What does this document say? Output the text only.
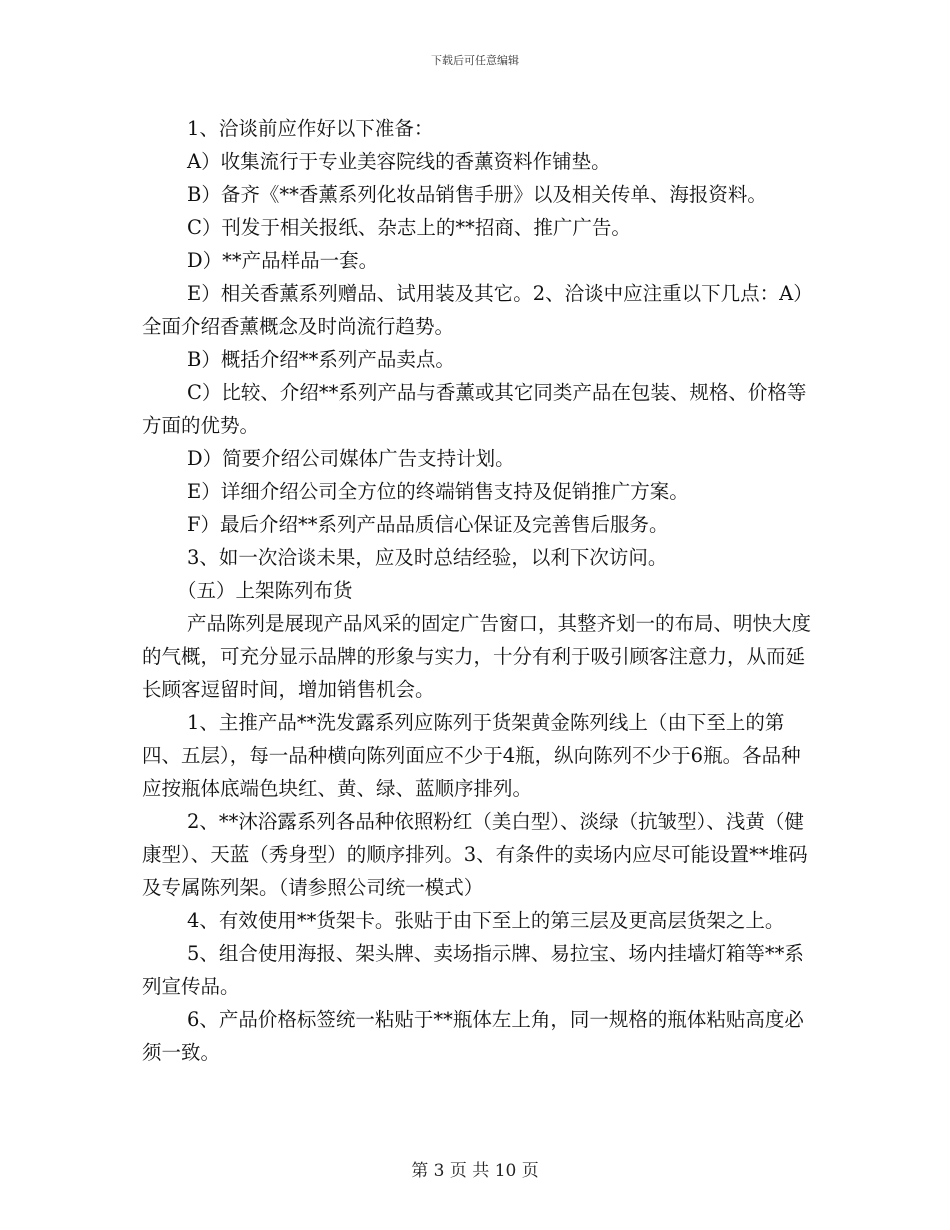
下载后可任意编辑

1、洽谈前应作好以下准备：

A）收集流行于专业美容院线的香薰资料作铺垫。

B）备齐《**香薰系列化妆品销售手册》以及相关传单、海报资料。

C）刊发于相关报纸、杂志上的**招商、推广广告。

D）**产品样品一套。

E）相关香薰系列赠品、试用装及其它。2、洽谈中应注重以下几点：A）全面介绍香薰概念及时尚流行趋势。

B）概括介绍**系列产品卖点。

C）比较、介绍**系列产品与香薰或其它同类产品在包装、规格、价格等方面的优势。

D）简要介绍公司媒体广告支持计划。

E）详细介绍公司全方位的终端销售支持及促销推广方案。

F）最后介绍**系列产品品质信心保证及完善售后服务。

3、如一次洽谈未果，应及时总结经验，以利下次访问。

（五）上架陈列布货

产品陈列是展现产品风采的固定广告窗口，其整齐划一的布局、明快大度的气概，可充分显示品牌的形象与实力，十分有利于吸引顾客注意力，从而延长顾客逗留时间，增加销售机会。

1、主推产品**洗发露系列应陈列于货架黄金陈列线上（由下至上的第四、五层），每一品种横向陈列面应不少于4瓶，纵向陈列不少于6瓶。各品种应按瓶体底端色块红、黄、绿、蓝顺序排列。

2、**沐浴露系列各品种依照粉红（美白型）、淡绿（抗皱型）、浅黄（健康型）、天蓝（秀身型）的顺序排列。3、有条件的卖场内应尽可能设置**堆码及专属陈列架。（请参照公司统一模式）

4、有效使用**货架卡。张贴于由下至上的第三层及更高层货架之上。

5、组合使用海报、架头牌、卖场指示牌、易拉宝、场内挂墙灯箱等**系列宣传品。

6、产品价格标签统一粘贴于**瓶体左上角，同一规格的瓶体粘贴高度必须一致。

第 3 页 共 10 页
